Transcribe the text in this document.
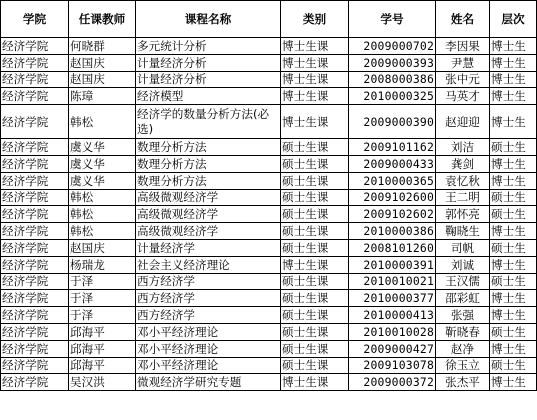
学院	任课教师	课程名称	类别	学号	姓名	层次
经济学院	何晓群	多元统计分析	博士生课	2009000702	李因果	博士生
经济学院	赵国庆	计量经济分析	博士生课	2009000393	尹慧	博士生
经济学院	赵国庆	计量经济分析	博士生课	2008000386	张中元	博士生
经济学院	陈璋	经济模型	博士生课	2010000325	马英才	博士生
经济学院	韩松	经济学的数量分析方法(必选)	博士生课	2009000390	赵迎迎	博士生
经济学院	虞义华	数理分析方法	硕士生课	2009101162	刘洁	硕士生
经济学院	虞义华	数理分析方法	硕士生课	2009000433	龚剑	博士生
经济学院	虞义华	数理分析方法	硕士生课	2010000365	袁忆秋	博士生
经济学院	韩松	高级微观经济学	硕士生课	2009102600	王二明	硕士生
经济学院	韩松	高级微观经济学	硕士生课	2009102602	郭怀亮	硕士生
经济学院	韩松	高级微观经济学	硕士生课	2010000386	鞠晓生	博士生
经济学院	赵国庆	计量经济学	硕士生课	2008101260	司帆	硕士生
经济学院	杨瑞龙	社会主义经济理论	博士生课	2010000391	刘诚	博士生
经济学院	于泽	西方经济学	硕士生课	2010010021	王汉儒	硕士生
经济学院	于泽	西方经济学	硕士生课	2010000377	邵彩虹	博士生
经济学院	于泽	西方经济学	硕士生课	2010000413	张强	博士生
经济学院	邱海平	邓小平经济理论	硕士生课	2010010028	靳晓春	硕士生
经济学院	邱海平	邓小平经济理论	硕士生课	2009000427	赵净	博士生
经济学院	邱海平	邓小平经济理论	硕士生课	2009103078	徐玉立	硕士生
经济学院	吴汉洪	微观经济学研究专题	博士生课	2009000372	张杰平	博士生
